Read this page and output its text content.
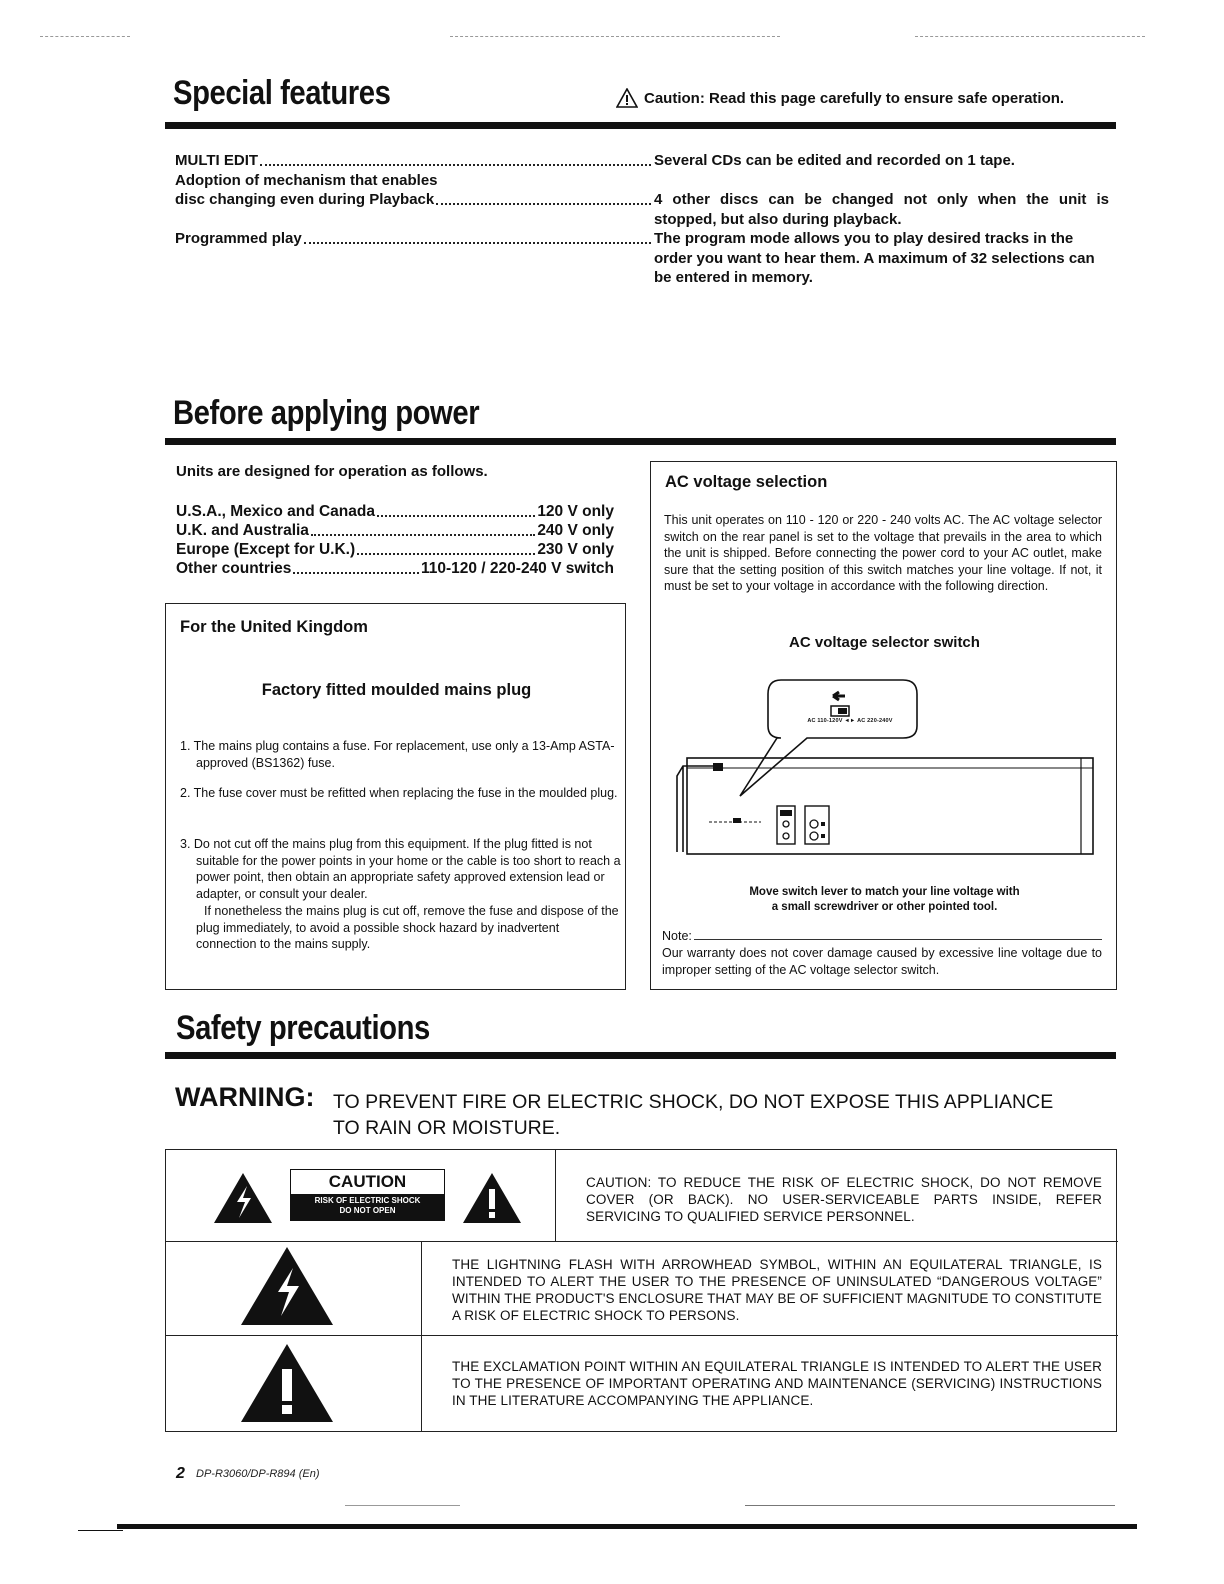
Special features	Caution: Read this page carefully to ensure safe operation.
MULTI EDIT	Several CDs can be edited and recorded on 1 tape.
Adoption of mechanism that enables
disc changing even during Playback	4 other discs can be changed not only when the unit is stopped, but also during playback.
Programmed play	The program mode allows you to play desired tracks in the order you want to hear them. A maximum of 32 selections can be entered in memory.
Before applying power
Units are designed for operation as follows.
U.S.A., Mexico and Canada	120 V only
U.K. and Australia	240 V only
Europe (Except for U.K.)	230 V only
Other countries	110-120 / 220-240 V switch
For the United Kingdom
Factory fitted moulded mains plug
1. The mains plug contains a fuse. For replacement, use only a 13-Amp ASTA-approved (BS1362) fuse.
2. The fuse cover must be refitted when replacing the fuse in the moulded plug.
3. Do not cut off the mains plug from this equipment. If the plug fitted is not suitable for the power points in your home or the cable is too short to reach a power point, then obtain an appropriate safety approved extension lead or adapter, or consult your dealer.
If nonetheless the mains plug is cut off, remove the fuse and dispose of the plug immediately, to avoid a possible shock hazard by inadvertent connection to the mains supply.
AC voltage selection
This unit operates on 110 - 120 or 220 - 240 volts AC. The AC voltage selector switch on the rear panel is set to the voltage that prevails in the area to which the unit is shipped. Before connecting the power cord to your AC outlet, make sure that the setting position of this switch matches your line voltage. If not, it must be set to your voltage in accordance with the following direction.
AC voltage selector switch
AC 110-120V ◄► AC 220-240V
Move switch lever to match your line voltage with
a small screwdriver or other pointed tool.
Note:
Our warranty does not cover damage caused by excessive line voltage due to improper setting of the AC voltage selector switch.
Safety precautions
WARNING: TO PREVENT FIRE OR ELECTRIC SHOCK, DO NOT EXPOSE THIS APPLIANCE
TO RAIN OR MOISTURE.
CAUTION
RISK OF ELECTRIC SHOCK
DO NOT OPEN
CAUTION: TO REDUCE THE RISK OF ELECTRIC SHOCK, DO NOT REMOVE COVER (OR BACK). NO USER-SERVICEABLE PARTS INSIDE, REFER SERVICING TO QUALIFIED SERVICE PERSONNEL.
THE LIGHTNING FLASH WITH ARROWHEAD SYMBOL, WITHIN AN EQUILATERAL TRIANGLE, IS INTENDED TO ALERT THE USER TO THE PRESENCE OF UNINSULATED “DANGEROUS VOLTAGE” WITHIN THE PRODUCT'S ENCLOSURE THAT MAY BE OF SUFFICIENT MAGNITUDE TO CONSTITUTE A RISK OF ELECTRIC SHOCK TO PERSONS.
THE EXCLAMATION POINT WITHIN AN EQUILATERAL TRIANGLE IS INTENDED TO ALERT THE USER TO THE PRESENCE OF IMPORTANT OPERATING AND MAINTENANCE (SERVICING) INSTRUCTIONS IN THE LITERATURE ACCOMPANYING THE APPLIANCE.
2 DP-R3060/DP-R894 (En)
